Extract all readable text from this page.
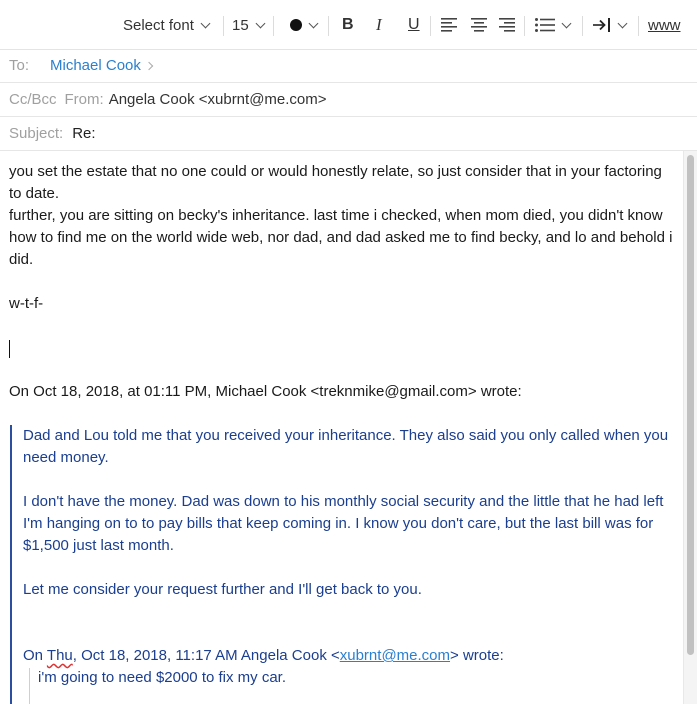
Select font	15	B I U	www
To: Michael Cook
Cc/Bcc From: Angela Cook <xubrnt@me.com>
Subject: Re:
you set the estate that no one could or would honestly relate, so just consider that in your factoring to date.
further, you are sitting on becky's inheritance. last time i checked, when mom died, you didn't know how to find me on the world wide web, nor dad, and dad asked me to find becky, and lo and behold i did.
w-t-f-
On Oct 18, 2018, at 01:11 PM, Michael Cook <treknmike@gmail.com> wrote:
Dad and Lou told me that you received your inheritance. They also said you only called when you need money.
I don't have the money. Dad was down to his monthly social security and the little that he had left I'm hanging on to to pay bills that keep coming in. I know you don't care, but the last bill was for $1,500 just last month.
Let me consider your request further and I'll get back to you.
On Thu, Oct 18, 2018, 11:17 AM Angela Cook <xubrnt@me.com> wrote:
i'm going to need $2000 to fix my car.
